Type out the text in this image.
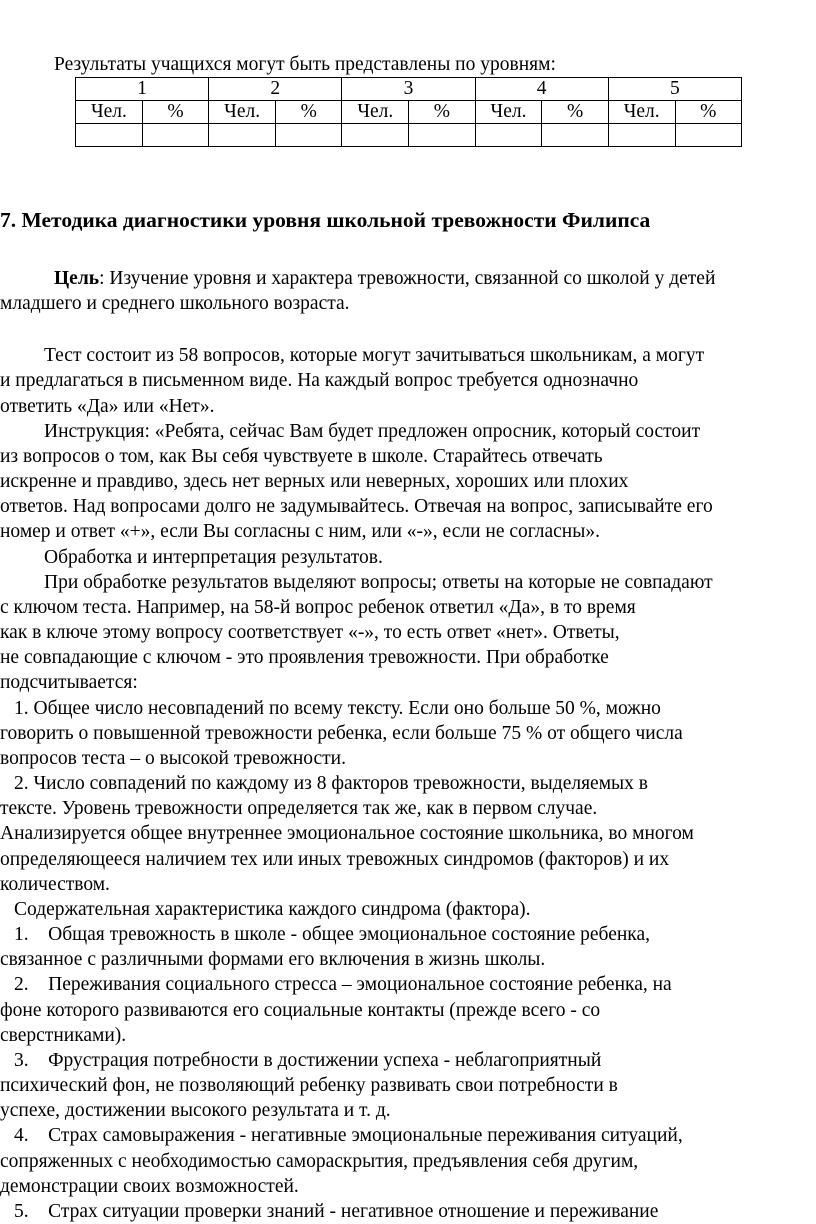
Результаты учащихся могут быть представлены по уровням:
1		2		3		4		5	
Чел.	%	Чел.	%	Чел.	%	Чел.	%	Чел.	%

7. Методика диагностики уровня школьной тревожности Филипса
Цель: Изучение уровня и характера тревожности, связанной со школой у детей
младшего и среднего школьного возраста.
Тест состоит из 58 вопросов, которые могут зачитываться школьникам, а могут
и предлагаться в письменном виде. На каждый вопрос требуется однозначно
ответить «Да» или «Нет».
Инструкция: «Ребята, сейчас Вам будет предложен опросник, который состоит
из вопросов о том, как Вы себя чувствуете в школе. Старайтесь отвечать
искренне и правдиво, здесь нет верных или неверных, хороших или плохих
ответов. Над вопросами долго не задумывайтесь. Отвечая на вопрос, записывайте его
номер и ответ «+», если Вы согласны с ним, или «-», если не согласны».
Обработка и интерпретация результатов.
При обработке результатов выделяют вопросы; ответы на которые не совпадают
с ключом теста. Например, на 58-й вопрос ребенок ответил «Да», в то время
как в ключе этому вопросу соответствует «-», то есть ответ «нет». Ответы,
не совпадающие с ключом - это проявления тревожности. При обработке
подсчитывается:
1. Общее число несовпадений по всему тексту. Если оно больше 50 %, можно
говорить о повышенной тревожности ребенка, если больше 75 % от общего числа
вопросов теста – о высокой тревожности.
2. Число совпадений по каждому из 8 факторов тревожности, выделяемых в
тексте. Уровень тревожности определяется так же, как в первом случае.
Анализируется общее внутреннее эмоциональное состояние школьника, во многом
определяющееся наличием тех или иных тревожных синдромов (факторов) и их
количеством.
Содержательная характеристика каждого синдрома (фактора).
1.    Общая тревожность в школе - общее эмоциональное состояние ребенка,
связанное с различными формами его включения в жизнь школы.
2.    Переживания социального стресса – эмоциональное состояние ребенка, на
фоне которого развиваются его социальные контакты (прежде всего - со
сверстниками).
3.    Фрустрация потребности в достижении успеха - неблагоприятный
психический фон, не позволяющий ребенку развивать свои потребности в
успехе, достижении высокого результата и т. д.
4.    Страх самовыражения - негативные эмоциональные переживания ситуаций,
сопряженных с необходимостью самораскрытия, предъявления себя другим,
демонстрации своих возможностей.
5.    Страх ситуации проверки знаний - негативное отношение и переживание
